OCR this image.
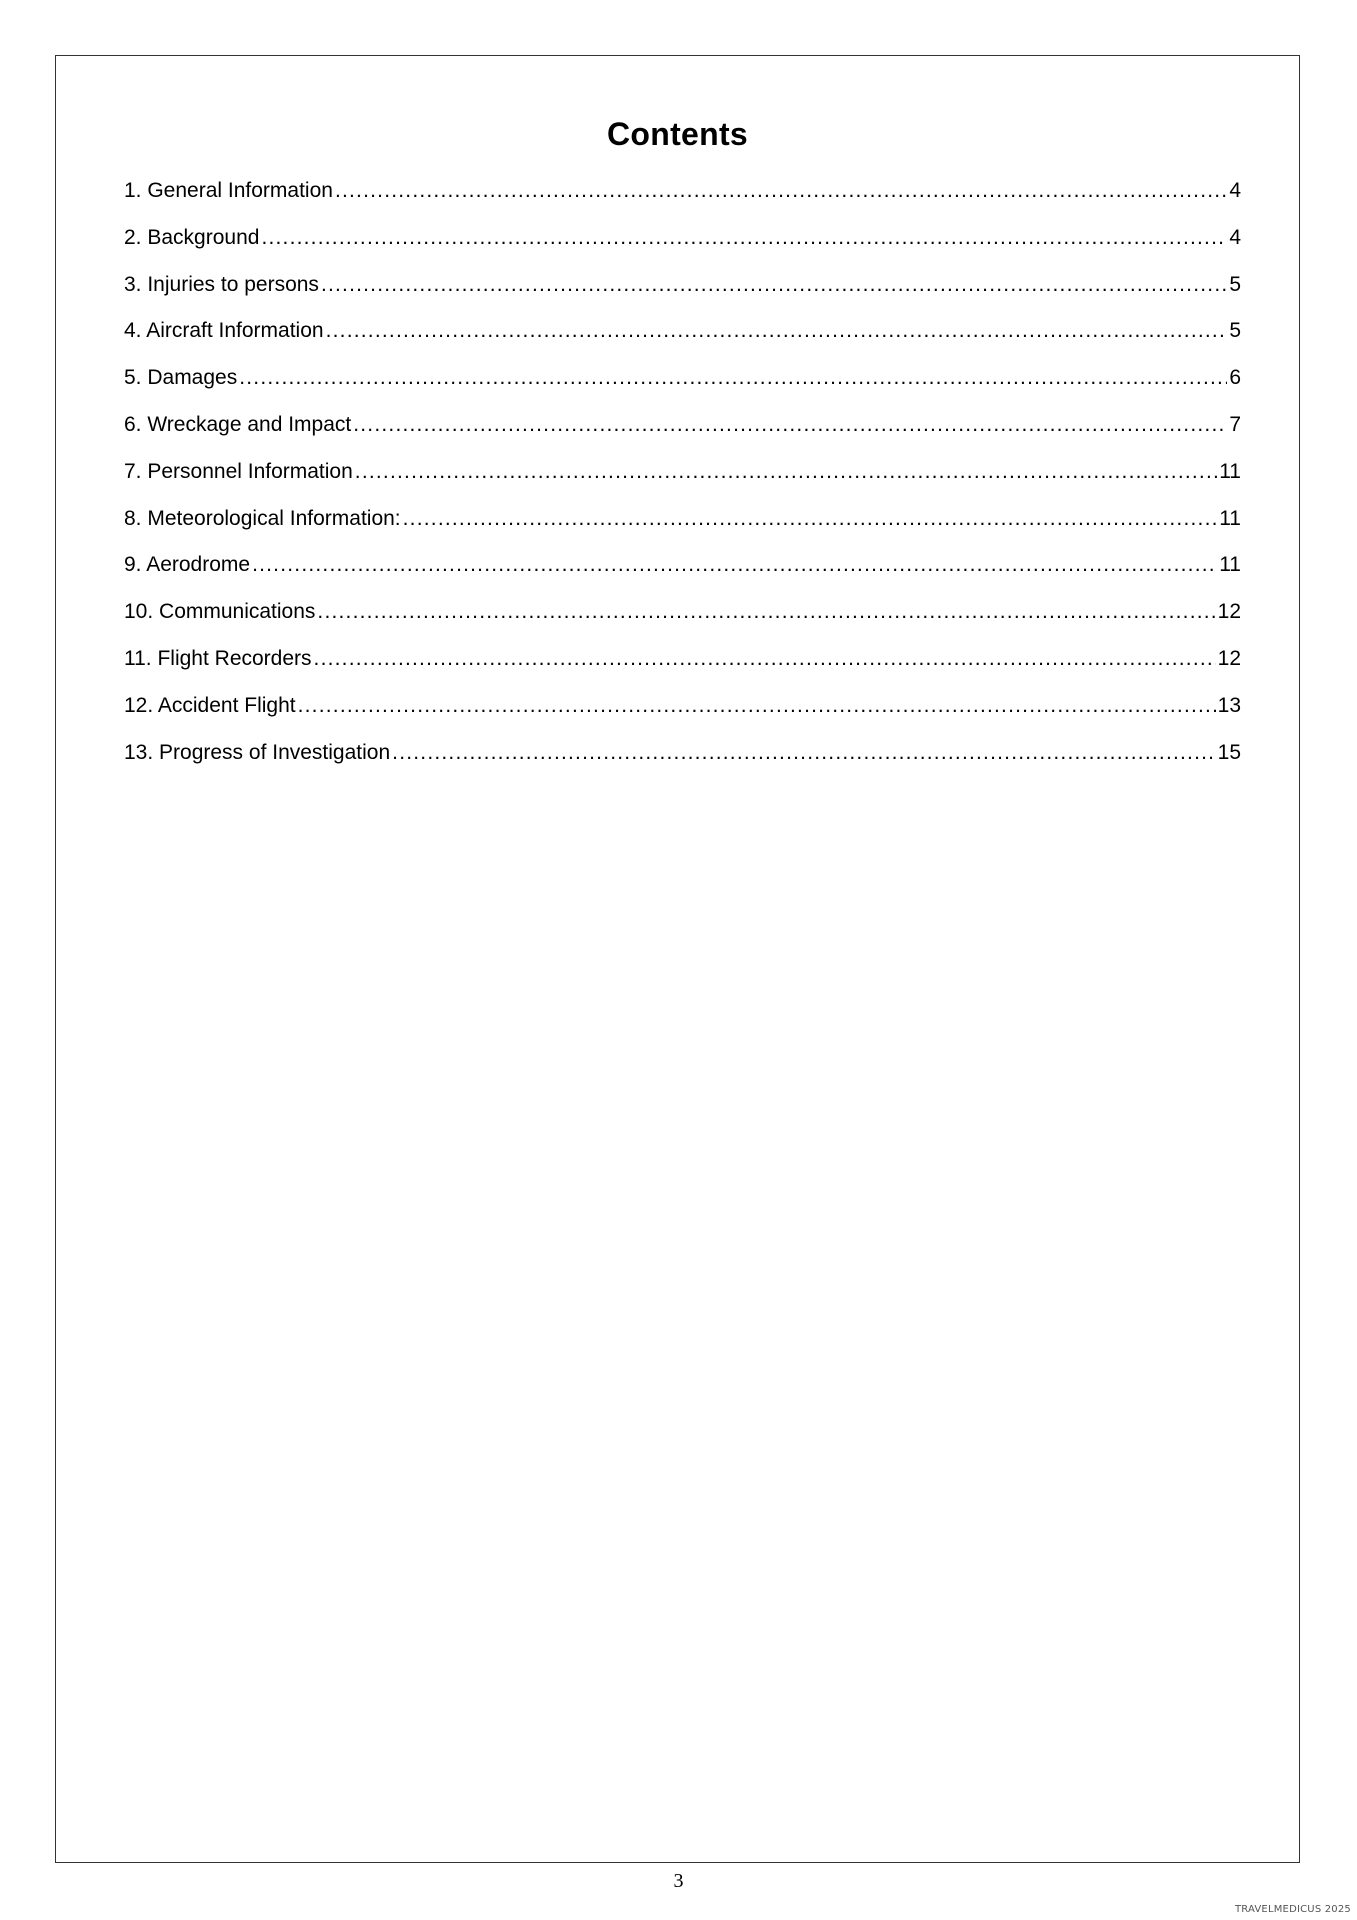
Contents
1. General Information .....	4
2. Background .....	4
3. Injuries to persons .....	5
4. Aircraft Information .....	5
5. Damages .....	6
6. Wreckage and Impact .....	7
7. Personnel Information .....	11
8. Meteorological Information: .....	11
9. Aerodrome .....	11
10. Communications .....	12
11. Flight Recorders .....	12
12. Accident Flight .....	13
13. Progress of Investigation .....	15
3
TRAVELMEDICUS 2025
